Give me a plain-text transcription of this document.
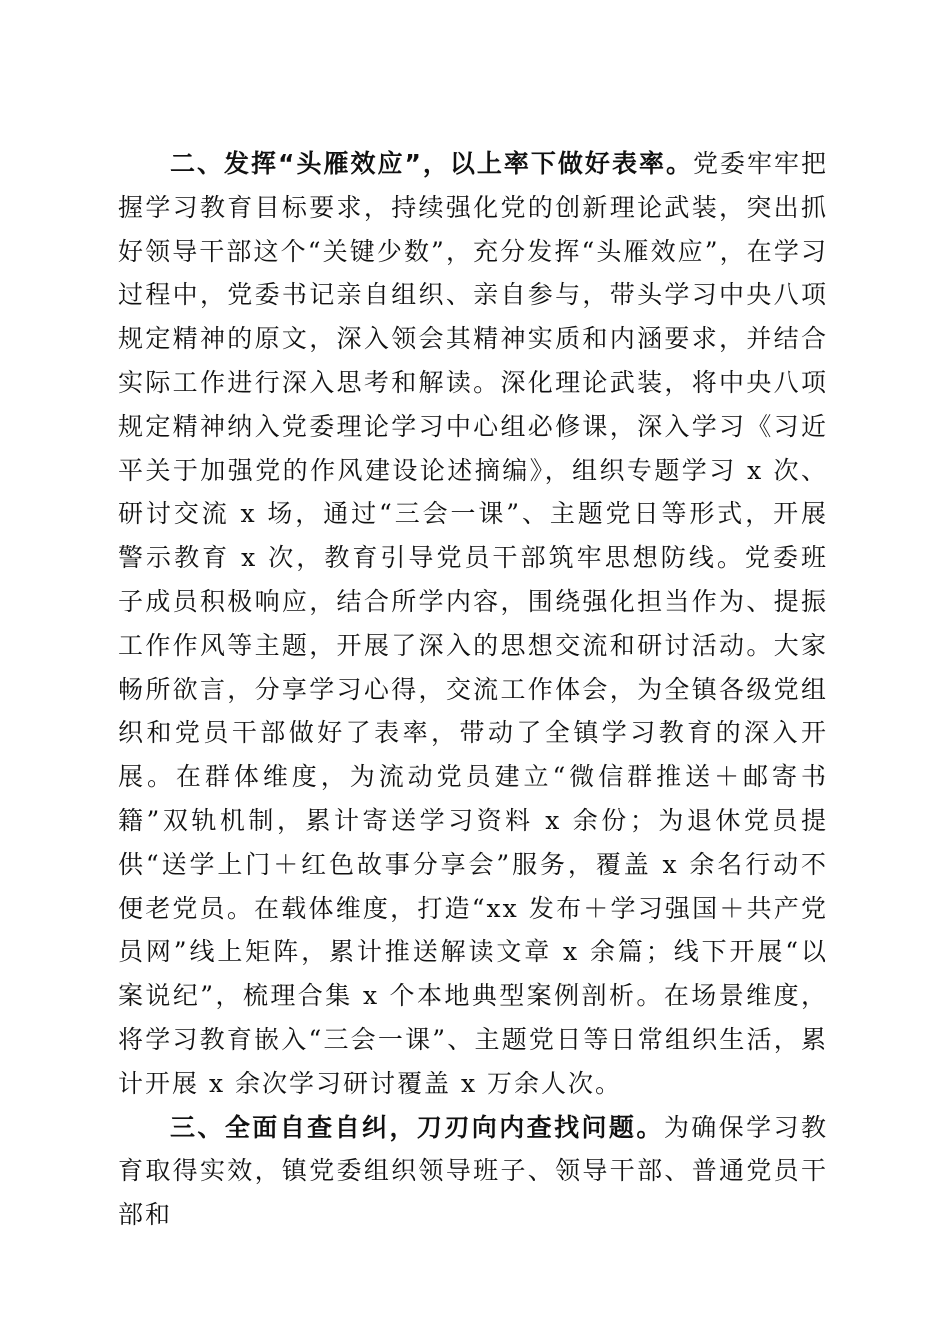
二、发挥“头雁效应”，以上率下做好表率。党委牢牢把握学习教育目标要求，持续强化党的创新理论武装，突出抓好领导干部这个“关键少数”，充分发挥“头雁效应”，在学习过程中，党委书记亲自组织、亲自参与，带头学习中央八项规定精神的原文，深入领会其精神实质和内涵要求，并结合实际工作进行深入思考和解读。深化理论武装，将中央八项规定精神纳入党委理论学习中心组必修课，深入学习《习近平关于加强党的作风建设论述摘编》，组织专题学习 x 次、研讨交流 x 场，通过“三会一课”、主题党日等形式，开展警示教育 x 次，教育引导党员干部筑牢思想防线。党委班子成员积极响应，结合所学内容，围绕强化担当作为、提振工作作风等主题，开展了深入的思想交流和研讨活动。大家畅所欲言，分享学习心得，交流工作体会，为全镇各级党组织和党员干部做好了表率，带动了全镇学习教育的深入开展。在群体维度，为流动党员建立“微信群推送＋邮寄书籍”双轨机制，累计寄送学习资料 x 余份；为退休党员提供“送学上门＋红色故事分享会”服务，覆盖 x 余名行动不便老党员。在载体维度，打造“xx 发布＋学习强国＋共产党员网”线上矩阵，累计推送解读文章 x 余篇；线下开展“以案说纪”，梳理合集 x 个本地典型案例剖析。在场景维度，将学习教育嵌入“三会一课”、主题党日等日常组织生活，累计开展 x 余次学习研讨覆盖 x 万余人次。

三、全面自查自纠，刀刃向内查找问题。为确保学习教育取得实效，镇党委组织领导班子、领导干部、普通党员干部和
